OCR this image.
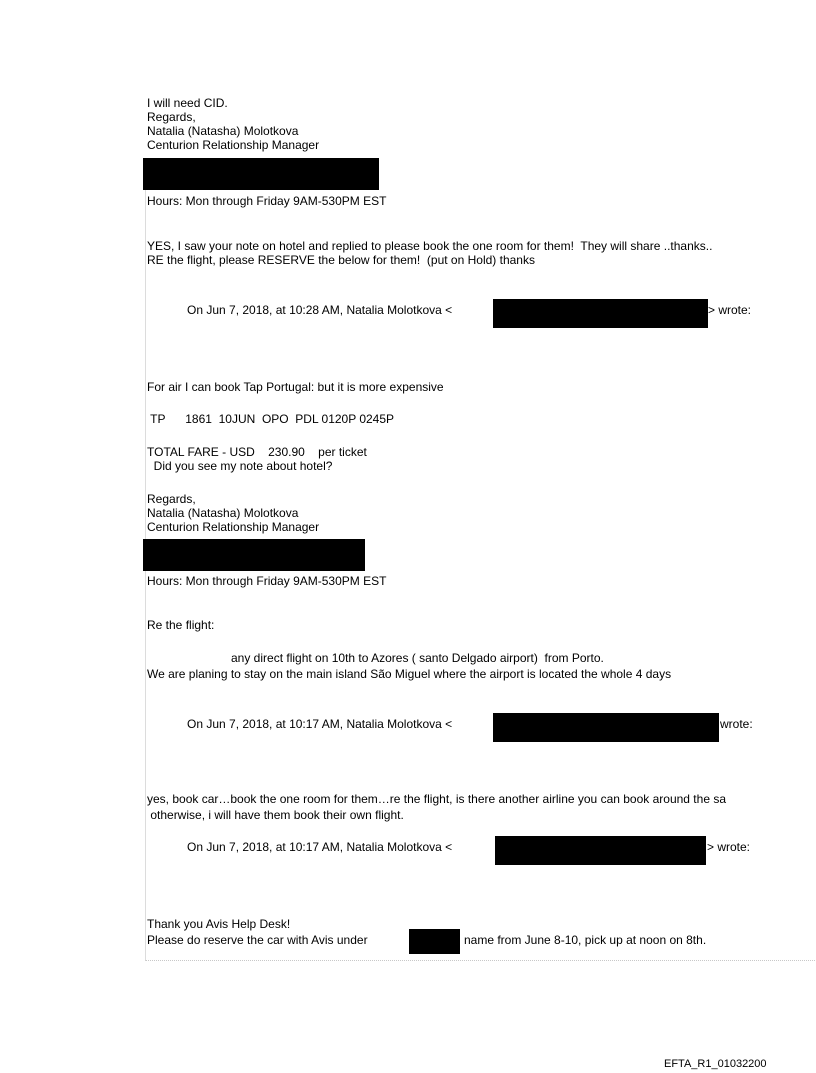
I will need CID.

Regards,

Natalia (Natasha) Molotkova

Centurion Relationship Manager

Hours: Mon through Friday 9AM-530PM EST

YES, I saw your note on hotel and replied to please book the one room for them!  They will share ..thanks..

RE the flight, please RESERVE the below for them!  (put on Hold) thanks

On Jun 7, 2018, at 10:28 AM, Natalia Molotkova <	> wrote:

For air I can book Tap Portugal: but it is more expensive

TP      1861  10JUN  OPO  PDL 0120P 0245P

TOTAL FARE - USD    230.90    per ticket

Did you see my note about hotel?

Regards,

Natalia (Natasha) Molotkova

Centurion Relationship Manager

Hours: Mon through Friday 9AM-530PM EST

Re the flight:

any direct flight on 10th to Azores ( santo Delgado airport)  from Porto.

We are planing to stay on the main island São Miguel where the airport is located the whole 4 days

On Jun 7, 2018, at 10:17 AM, Natalia Molotkova <	wrote:

yes, book car…book the one room for them…re the flight, is there another airline you can book around the sa

otherwise, i will have them book their own flight.

On Jun 7, 2018, at 10:17 AM, Natalia Molotkova <	> wrote:

Thank you Avis Help Desk!

Please do reserve the car with Avis under	name from June 8-10, pick up at noon on 8th.

EFTA_R1_01032200
